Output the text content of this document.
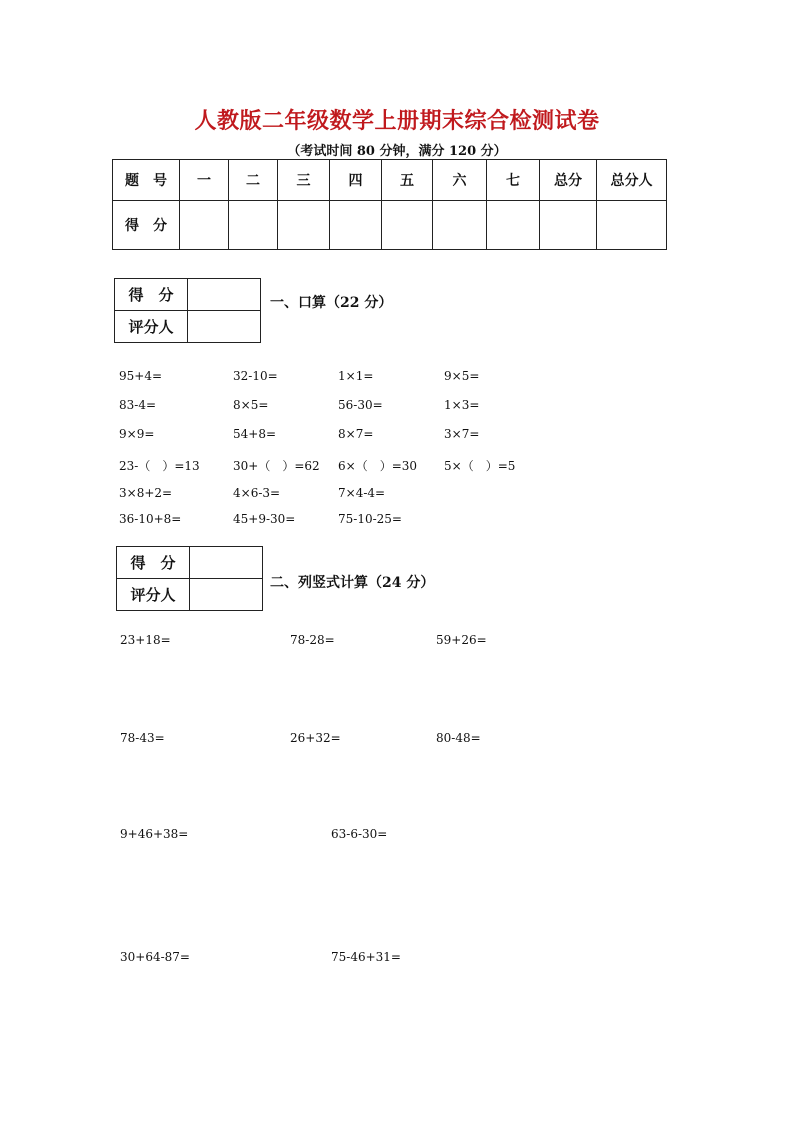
人教版二年级数学上册期末综合检测试卷
（考试时间 80 分钟，满分 120 分）
题　号	一	二	三	四	五	六	七	总分	总分人
得　分									
得　分	
评分人	
一、口算（22 分）
95+4=	32-10=	1×1=	9×5=
83-4=	8×5=	56-30=	1×3=
9×9=	54+8=	8×7=	3×7=
23-（　）=13	30+（　）=62 6×（　）=30 5×（　）=5
3×8+2=	4×6-3=	7×4-4=
36-10+8=	45+9-30=	75-10-25=
得　分	
评分人	
二、列竖式计算（24 分）
23+18=	78-28=	59+26=
78-43=	26+32=	80-48=
9+46+38=	63-6-30=
30+64-87=	75-46+31=
